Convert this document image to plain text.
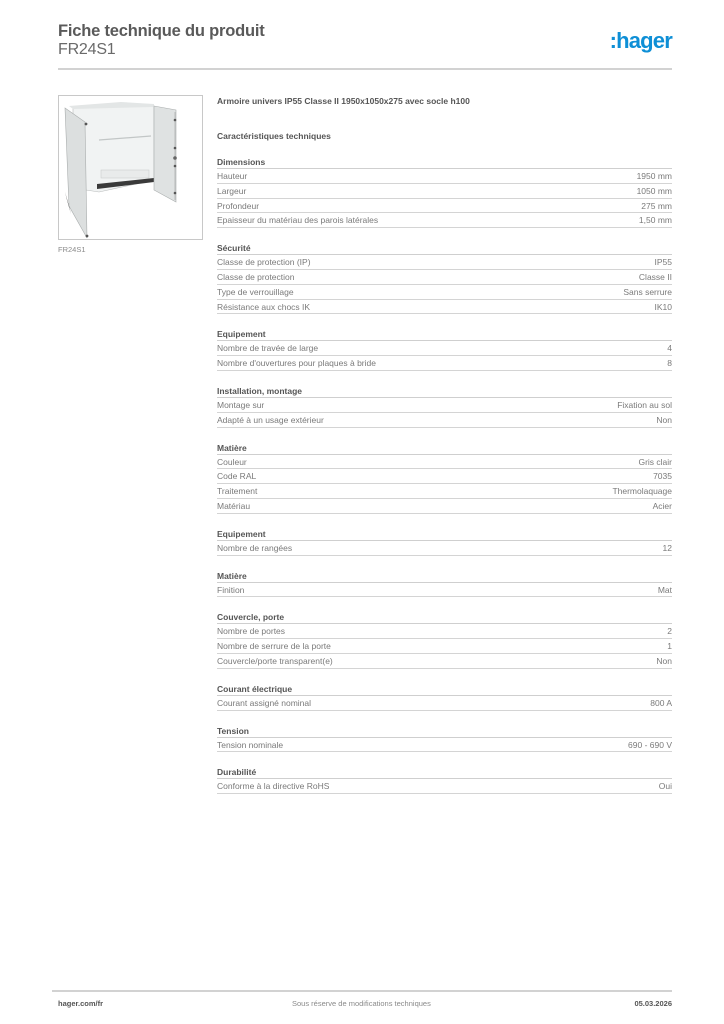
Fiche technique du produit
FR24S1	:hager
FR24S1
Armoire univers IP55 Classe II 1950x1050x275 avec socle h100
Caractéristiques techniques
Dimensions
Hauteur	1950 mm
Largeur	1050 mm
Profondeur	275 mm
Epaisseur du matériau des parois latérales	1,50 mm
Sécurité
Classe de protection (IP)	IP55
Classe de protection	Classe II
Type de verrouillage	Sans serrure
Résistance aux chocs IK	IK10
Equipement
Nombre de travée de large	4
Nombre d'ouvertures pour plaques à bride	8
Installation, montage
Montage sur	Fixation au sol
Adapté à un usage extérieur	Non
Matière
Couleur	Gris clair
Code RAL	7035
Traitement	Thermolaquage
Matériau	Acier
Equipement
Nombre de rangées	12
Matière
Finition	Mat
Couvercle, porte
Nombre de portes	2
Nombre de serrure de la porte	1
Couvercle/porte transparent(e)	Non
Courant électrique
Courant assigné nominal	800 A
Tension
Tension nominale	690 - 690 V
Durabilité
Conforme à la directive RoHS	Oui
hager.com/fr	Sous réserve de modifications techniques	05.03.2026
